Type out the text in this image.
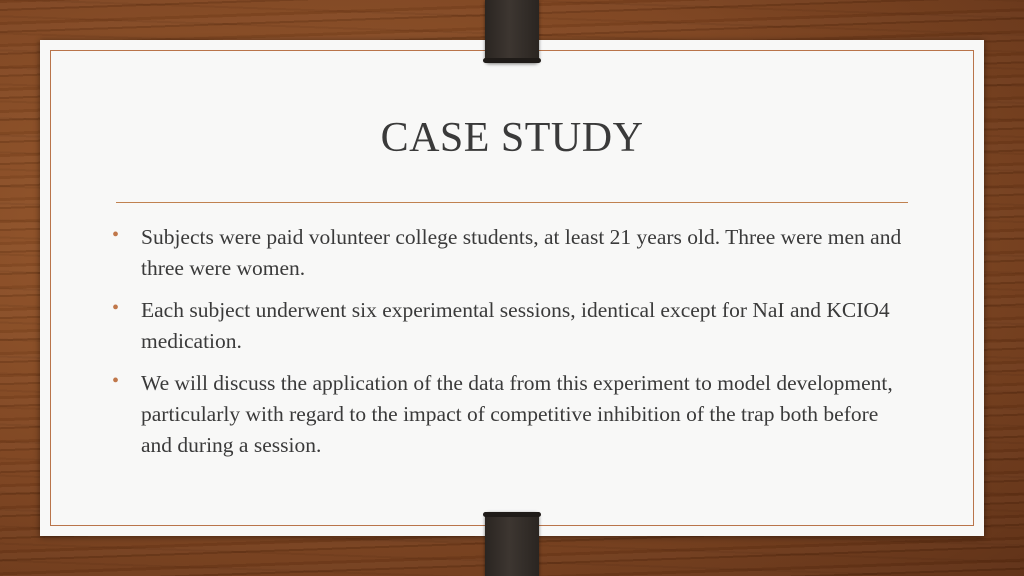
CASE STUDY
• Subjects were paid volunteer college students, at least 21 years old. Three were men and three were women.
• Each subject underwent six experimental sessions, identical except for NaI and KCIO4 medication.
• We will discuss the application of the data from this experiment to model development, particularly with regard to the impact of competitive inhibition of the trap both before and during a session.
